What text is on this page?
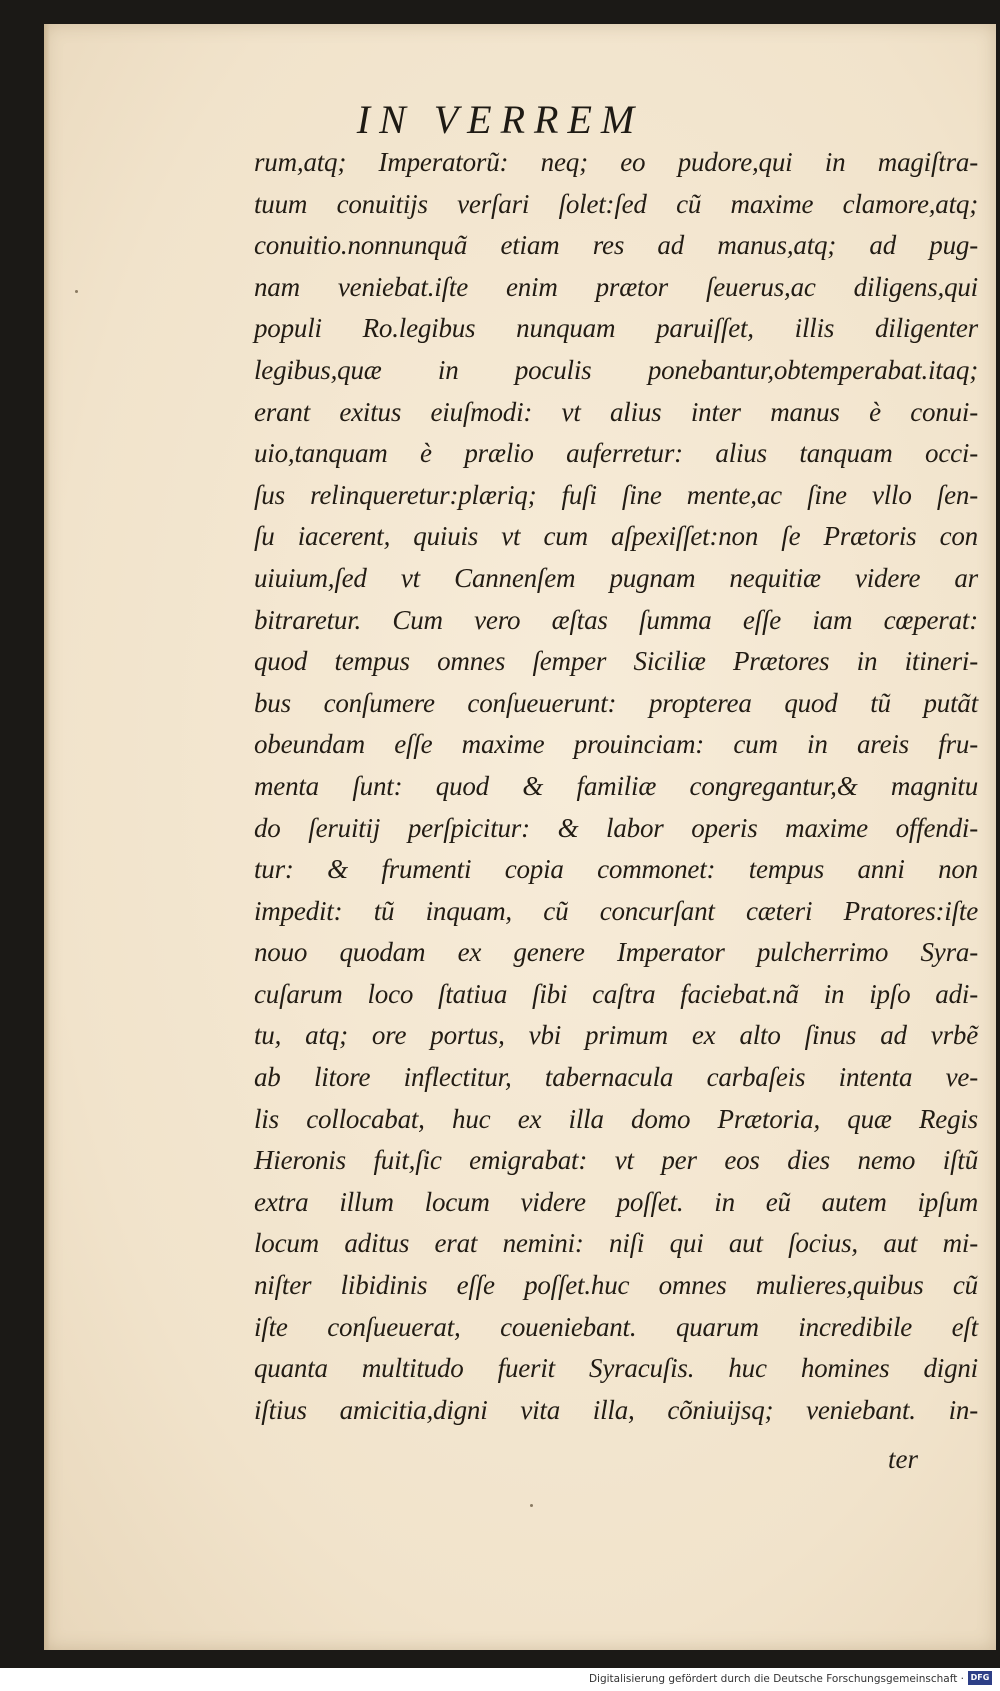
IN VERREM
rum,atq; Imperatorũ: neq; eo pudore,qui in magiſtra-
tuum conuitijs verſari ſolet:ſed cũ maxime clamore,atq;
conuitio.nonnunquã etiam res ad manus,atq; ad pug-
nam veniebat.iſte enim prætor ſeuerus,ac diligens,qui
populi Ro.legibus nunquam paruiſſet, illis diligenter
legibus,quæ in poculis ponebantur,obtemperabat.itaq;
erant exitus eiuſmodi: vt alius inter manus è conui-
uio,tanquam è prælio auferretur: alius tanquam occi-
ſus relinqueretur:plæriq; fuſi ſine mente,ac ſine vllo ſen-
ſu iacerent, quiuis vt cum aſpexiſſet:non ſe Prætoris con
uiuium,ſed vt Cannenſem pugnam nequitiæ videre ar
bitraretur. Cum vero æſtas ſumma eſſe iam cœperat:
quod tempus omnes ſemper Siciliæ Prætores in itineri-
bus conſumere conſueuerunt: propterea quod tũ putãt
obeundam eſſe maxime prouinciam: cum in areis fru-
menta ſunt: quod & familiæ congregantur,& magnitu
do ſeruitij perſpicitur: & labor operis maxime offendi-
tur: & frumenti copia commonet: tempus anni non
impedit: tũ inquam, cũ concurſant cæteri Pratores:iſte
nouo quodam ex genere Imperator pulcherrimo Syra-
cuſarum loco ſtatiua ſibi caſtra faciebat.nã in ipſo adi-
tu, atq; ore portus, vbi primum ex alto ſinus ad vrbẽ
ab litore inflectitur, tabernacula carbaſeis intenta ve-
lis collocabat, huc ex illa domo Prætoria, quæ Regis
Hieronis fuit,ſic emigrabat: vt per eos dies nemo iſtũ
extra illum locum videre poſſet. in eũ autem ipſum
locum aditus erat nemini: niſi qui aut ſocius, aut mi-
niſter libidinis eſſe poſſet.huc omnes mulieres,quibus cũ
iſte conſueuerat, coueniebant. quarum incredibile eſt
quanta multitudo fuerit Syracuſis. huc homines digni
iſtius amicitia,digni vita illa, cõniuijsq; veniebant. in-
ter
Digitalisierung gefördert durch die Deutsche Forschungsgemeinschaft · DFG
